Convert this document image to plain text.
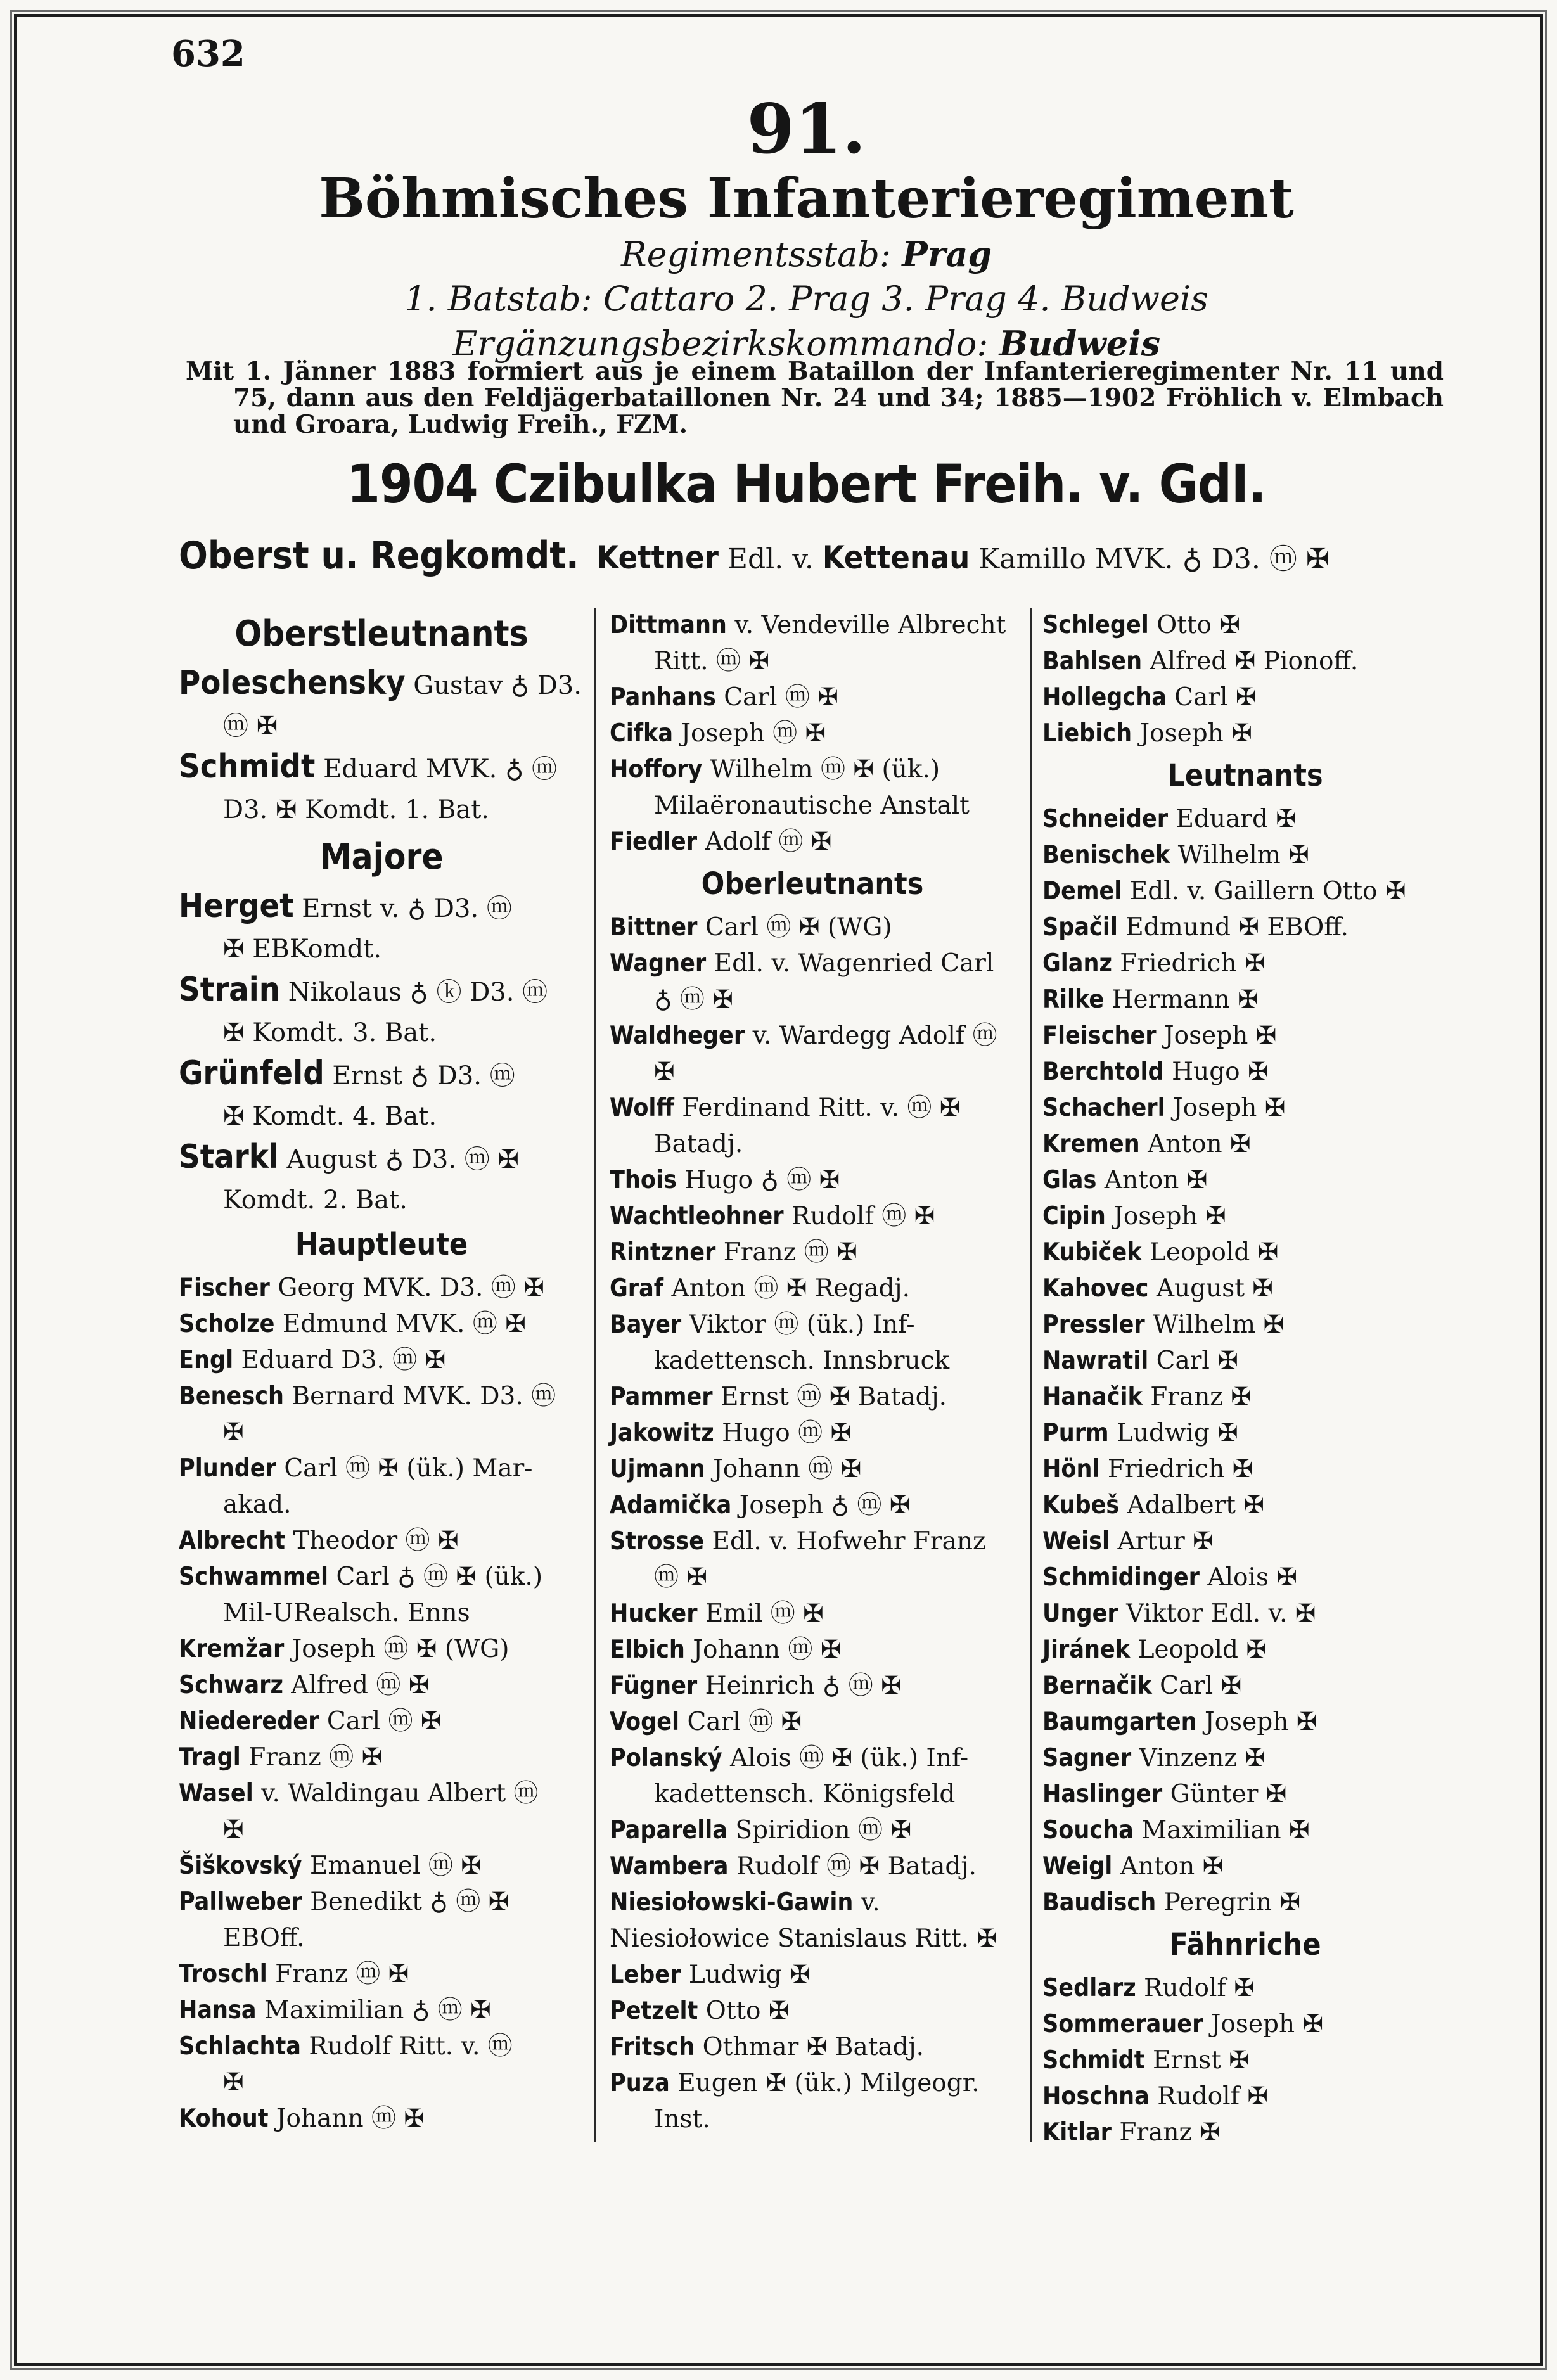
632
91.
Böhmisches Infanterieregiment
Regimentsstab: Prag
1. Batstab: Cattaro 2. Prag 3. Prag 4. Budweis
Ergänzungsbezirkskommando: Budweis
Mit 1. Jänner 1883 formiert aus je einem Bataillon der Infanterieregimenter Nr. 11 und 75, dann aus den Feldjägerbataillonen Nr. 24 und 34; 1885—1902 Fröhlich v. Elmbach und Groara, Ludwig Freih., FZM.
1904 Czibulka Hubert Freih. v. GdI.
Oberst u. Regkomdt. Kettner Edl. v. Kettenau Kamillo MVK. ♁ D3. ⓜ ✠
Oberstleutnants

Poleschensky Gustav ♁ D3.

ⓜ ✠

Schmidt Eduard MVK. ♁ ⓜ

D3. ✠ Komdt. 1. Bat.

Majore

Herget Ernst v. ♁ D3. ⓜ

✠ EBKomdt.

Strain Nikolaus ♁ ⓚ D3. ⓜ

✠ Komdt. 3. Bat.

Grünfeld Ernst ♁ D3. ⓜ

✠ Komdt. 4. Bat.

Starkl August ♁ D3. ⓜ ✠

Komdt. 2. Bat.

Hauptleute

Fischer Georg MVK. D3. ⓜ ✠

Scholze Edmund MVK. ⓜ ✠

Engl Eduard D3. ⓜ ✠

Benesch Bernard MVK. D3. ⓜ

✠

Plunder Carl ⓜ ✠ (ük.) Mar-

akad.

Albrecht Theodor ⓜ ✠

Schwammel Carl ♁ ⓜ ✠ (ük.)

Mil-URealsch. Enns

Kremžar Joseph ⓜ ✠ (WG)

Schwarz Alfred ⓜ ✠

Niedereder Carl ⓜ ✠

Tragl Franz ⓜ ✠

Wasel v. Waldingau Albert ⓜ

✠

Šiškovský Emanuel ⓜ ✠

Pallweber Benedikt ♁ ⓜ ✠

EBOff.

Troschl Franz ⓜ ✠

Hansa Maximilian ♁ ⓜ ✠

Schlachta Rudolf Ritt. v. ⓜ

✠

Kohout Johann ⓜ ✠

Dittmann v. Vendeville Albrecht

Ritt. ⓜ ✠

Panhans Carl ⓜ ✠

Cifka Joseph ⓜ ✠

Hoffory Wilhelm ⓜ ✠ (ük.)

Milaëronautische Anstalt

Fiedler Adolf ⓜ ✠

Oberleutnants

Bittner Carl ⓜ ✠ (WG)

Wagner Edl. v. Wagenried Carl

♁ ⓜ ✠

Waldheger v. Wardegg Adolf ⓜ

✠

Wolff Ferdinand Ritt. v. ⓜ ✠

Batadj.

Thois Hugo ♁ ⓜ ✠

Wachtleohner Rudolf ⓜ ✠

Rintzner Franz ⓜ ✠

Graf Anton ⓜ ✠ Regadj.

Bayer Viktor ⓜ (ük.) Inf-

kadettensch. Innsbruck

Pammer Ernst ⓜ ✠ Batadj.

Jakowitz Hugo ⓜ ✠

Ujmann Johann ⓜ ✠

Adamička Joseph ♁ ⓜ ✠

Strosse Edl. v. Hofwehr Franz

ⓜ ✠

Hucker Emil ⓜ ✠

Elbich Johann ⓜ ✠

Fügner Heinrich ♁ ⓜ ✠

Vogel Carl ⓜ ✠

Polanský Alois ⓜ ✠ (ük.) Inf-

kadettensch. Königsfeld

Paparella Spiridion ⓜ ✠

Wambera Rudolf ⓜ ✠ Batadj.

Niesiołowski-Gawin v. Niesiołowice Stanislaus Ritt. ✠

Leber Ludwig ✠

Petzelt Otto ✠

Fritsch Othmar ✠ Batadj.

Puza Eugen ✠ (ük.) Milgeogr.

Inst.

Schlegel Otto ✠

Bahlsen Alfred ✠ Pionoff.

Hollegcha Carl ✠

Liebich Joseph ✠

Leutnants

Schneider Eduard ✠

Benischek Wilhelm ✠

Demel Edl. v. Gaillern Otto ✠

Spačil Edmund ✠ EBOff.

Glanz Friedrich ✠

Rilke Hermann ✠

Fleischer Joseph ✠

Berchtold Hugo ✠

Schacherl Joseph ✠

Kremen Anton ✠

Glas Anton ✠

Cipin Joseph ✠

Kubiček Leopold ✠

Kahovec August ✠

Pressler Wilhelm ✠

Nawratil Carl ✠

Hanačik Franz ✠

Purm Ludwig ✠

Hönl Friedrich ✠

Kubeš Adalbert ✠

Weisl Artur ✠

Schmidinger Alois ✠

Unger Viktor Edl. v. ✠

Jiránek Leopold ✠

Bernačik Carl ✠

Baumgarten Joseph ✠

Sagner Vinzenz ✠

Haslinger Günter ✠

Soucha Maximilian ✠

Weigl Anton ✠

Baudisch Peregrin ✠

Fähnriche

Sedlarz Rudolf ✠

Sommerauer Joseph ✠

Schmidt Ernst ✠

Hoschna Rudolf ✠

Kitlar Franz ✠
